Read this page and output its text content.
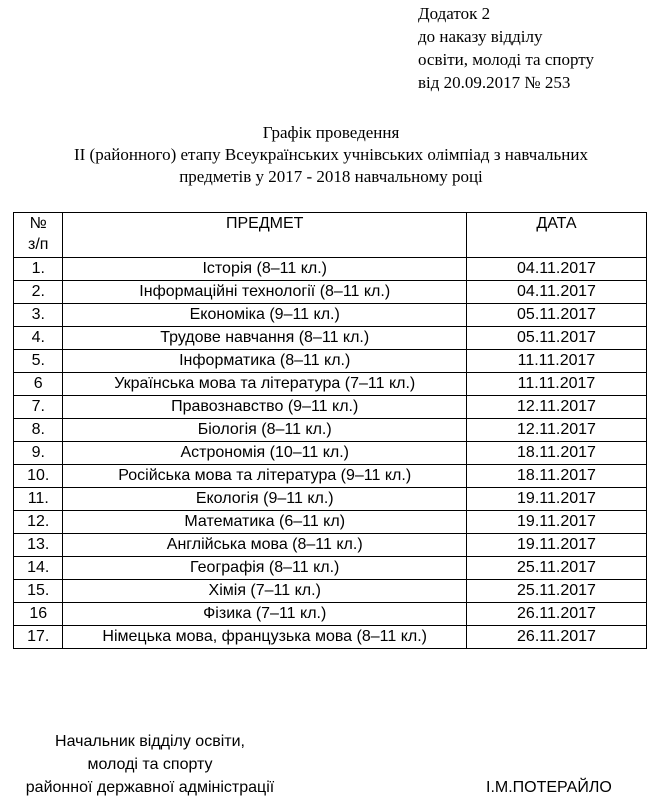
Додаток 2
до наказу відділу
освіти, молоді та спорту
від 20.09.2017 № 253
Графік проведення
ІІ (районного) етапу Всеукраїнських учнівських олімпіад з навчальних
предметів у 2017 - 2018 навчальному році
№
з/п	ПРЕДМЕТ	ДАТА
1.	Історія (8–11 кл.)	04.11.2017
2.	Інформаційні технології (8–11 кл.)	04.11.2017
3.	Економіка (9–11 кл.)	05.11.2017
4.	Трудове навчання (8–11 кл.)	05.11.2017
5.	Інформатика (8–11 кл.)	11.11.2017
6	Українська мова та література (7–11 кл.)	11.11.2017
7.	Правознавство (9–11 кл.)	12.11.2017
8.	Біологія (8–11 кл.)	12.11.2017
9.	Астрономія (10–11 кл.)	18.11.2017
10.	Російська мова та література (9–11 кл.)	18.11.2017
11.	Екологія (9–11 кл.)	19.11.2017
12.	Математика (6–11 кл)	19.11.2017
13.	Англійська мова (8–11 кл.)	19.11.2017
14.	Географія (8–11 кл.)	25.11.2017
15.	Хімія (7–11 кл.)	25.11.2017
16	Фізика (7–11 кл.)	26.11.2017
17.	Німецька мова, французька мова (8–11 кл.)	26.11.2017
Начальник відділу освіти,
молоді та спорту
районної державної адміністрації	І.М.ПОТЕРАЙЛО
